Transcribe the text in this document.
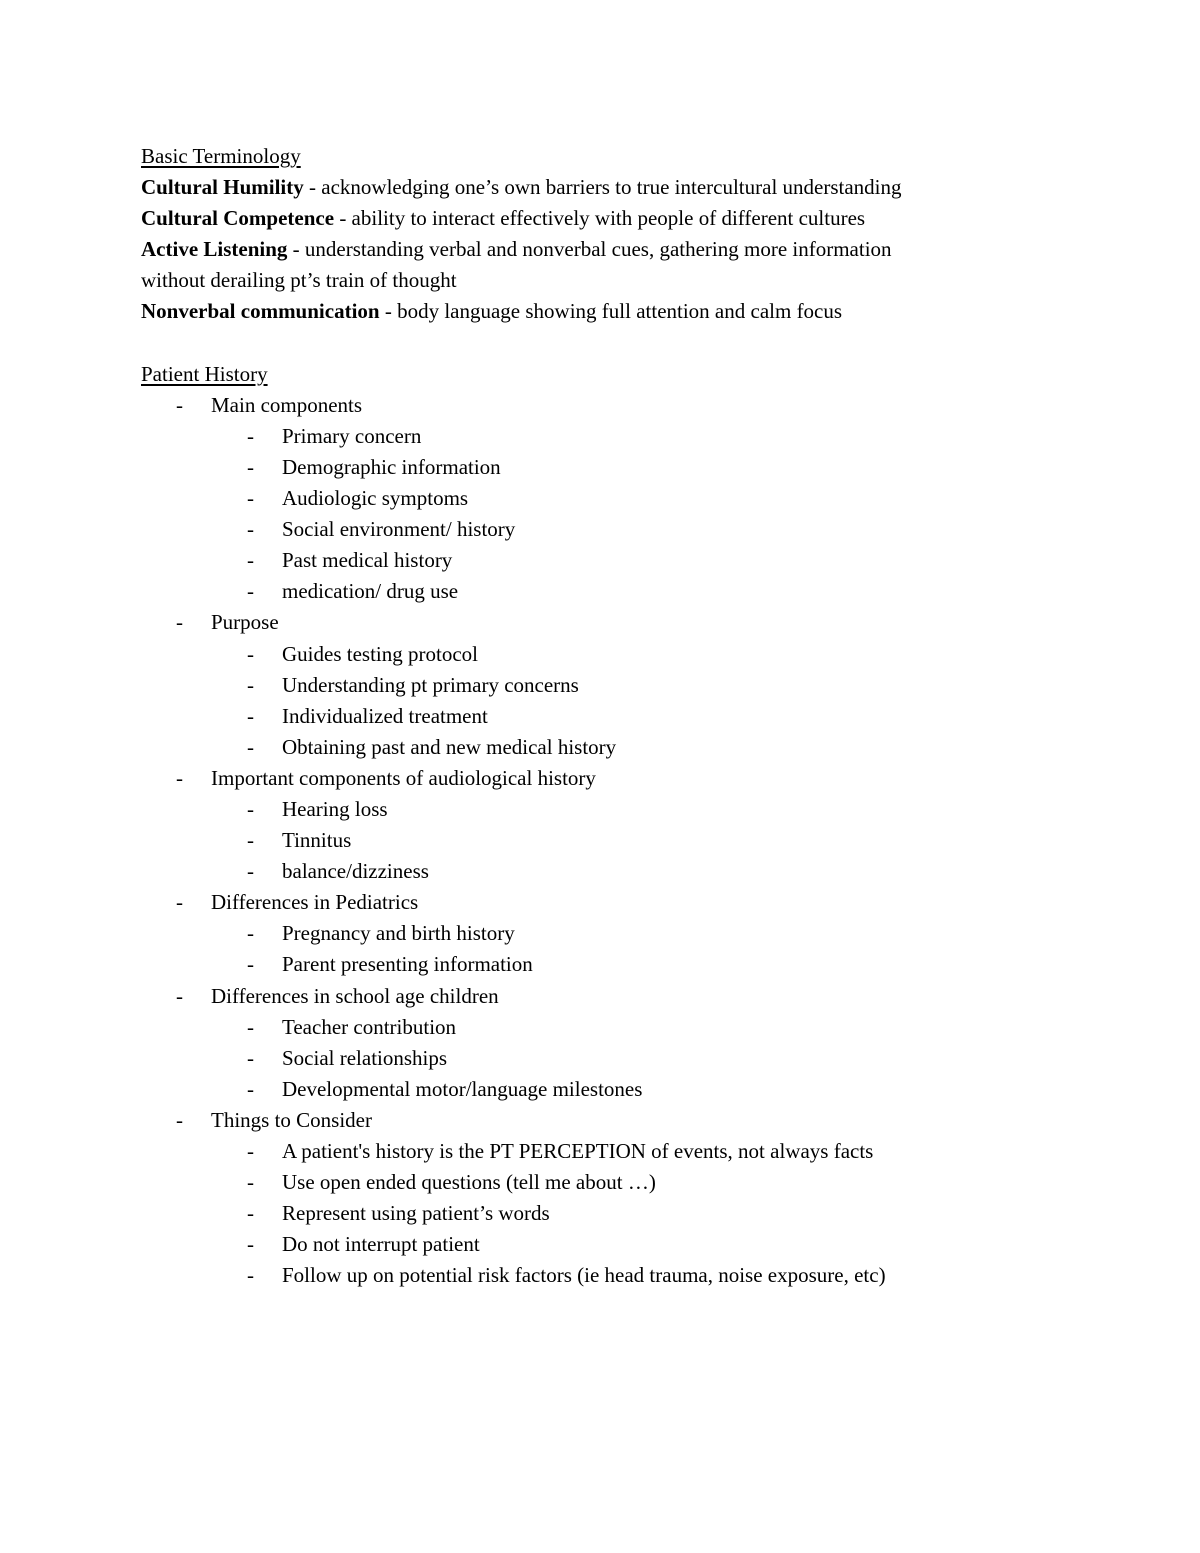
Basic Terminology
Cultural Humility - acknowledging one’s own barriers to true intercultural understanding
Cultural Competence - ability to interact effectively with people of different cultures
Active Listening - understanding verbal and nonverbal cues, gathering more information
without derailing pt’s train of thought
Nonverbal communication - body language showing full attention and calm focus
Patient History
- Main components
- Primary concern
- Demographic information
- Audiologic symptoms
- Social environment/ history
- Past medical history
- medication/ drug use
- Purpose
- Guides testing protocol
- Understanding pt primary concerns
- Individualized treatment
- Obtaining past and new medical history
- Important components of audiological history
- Hearing loss
- Tinnitus
- balance/dizziness
- Differences in Pediatrics
- Pregnancy and birth history
- Parent presenting information
- Differences in school age children
- Teacher contribution
- Social relationships
- Developmental motor/language milestones
- Things to Consider
- A patient's history is the PT PERCEPTION of events, not always facts
- Use open ended questions (tell me about …)
- Represent using patient’s words
- Do not interrupt patient
- Follow up on potential risk factors (ie head trauma, noise exposure, etc)
